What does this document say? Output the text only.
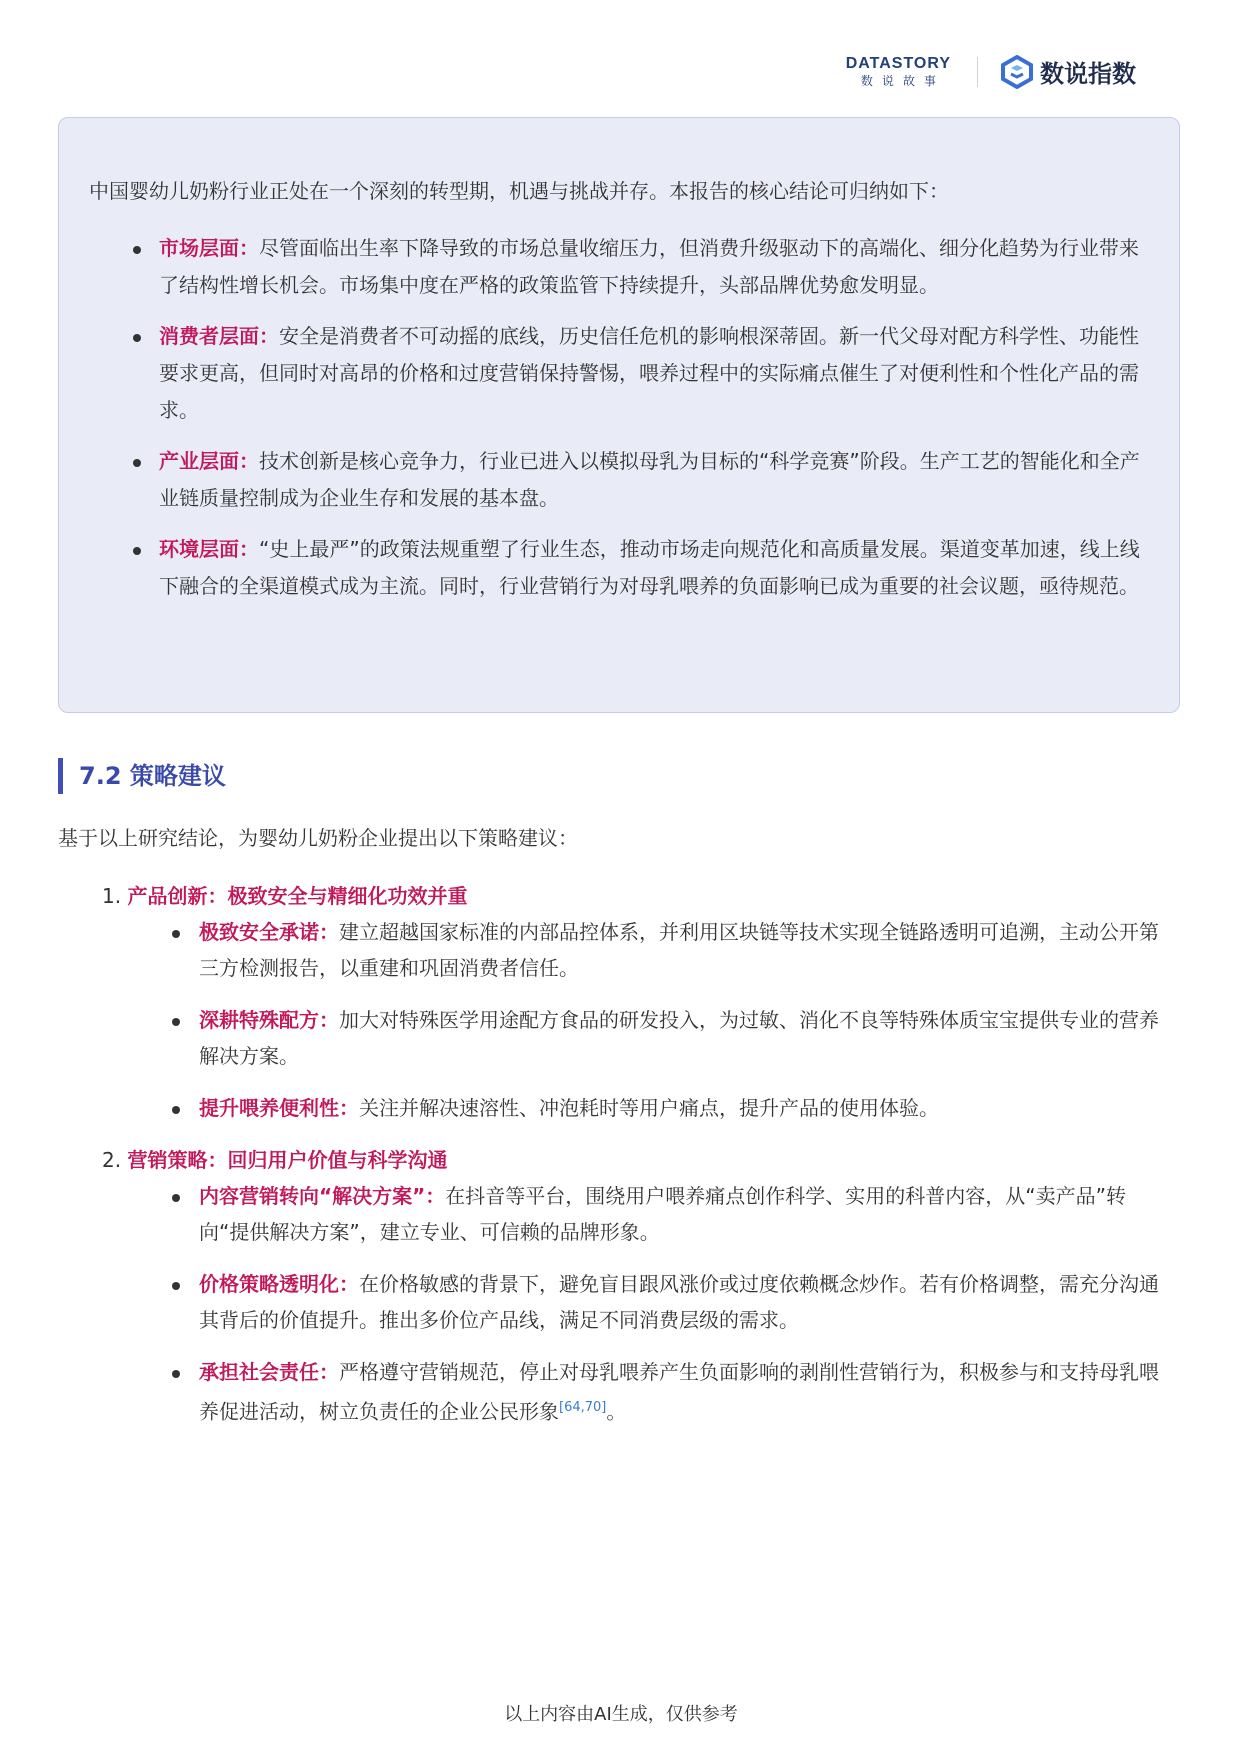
DATASTORY
数说故事	数说指数

中国婴幼儿奶粉行业正处在一个深刻的转型期，机遇与挑战并存。本报告的核心结论可归纳如下：

市场层面：尽管面临出生率下降导致的市场总量收缩压力，但消费升级驱动下的高端化、细分化趋势为行业带来了结构性增长机会。市场集中度在严格的政策监管下持续提升，头部品牌优势愈发明显。
消费者层面：安全是消费者不可动摇的底线，历史信任危机的影响根深蒂固。新一代父母对配方科学性、功能性要求更高，但同时对高昂的价格和过度营销保持警惕，喂养过程中的实际痛点催生了对便利性和个性化产品的需求。
产业层面：技术创新是核心竞争力，行业已进入以模拟母乳为目标的“科学竞赛”阶段。生产工艺的智能化和全产业链质量控制成为企业生存和发展的基本盘。
环境层面：“史上最严”的政策法规重塑了行业生态，推动市场走向规范化和高质量发展。渠道变革加速，线上线下融合的全渠道模式成为主流。同时，行业营销行为对母乳喂养的负面影响已成为重要的社会议题，亟待规范。
7.2 策略建议

基于以上研究结论，为婴幼儿奶粉企业提出以下策略建议：

1. 产品创新：极致安全与精细化功效并重
极致安全承诺：建立超越国家标准的内部品控体系，并利用区块链等技术实现全链路透明可追溯，主动公开第三方检测报告，以重建和巩固消费者信任。
深耕特殊配方：加大对特殊医学用途配方食品的研发投入，为过敏、消化不良等特殊体质宝宝提供专业的营养解决方案。
提升喂养便利性：关注并解决速溶性、冲泡耗时等用户痛点，提升产品的使用体验。
2. 营销策略：回归用户价值与科学沟通
内容营销转向“解决方案”：在抖音等平台，围绕用户喂养痛点创作科学、实用的科普内容，从“卖产品”转向“提供解决方案”，建立专业、可信赖的品牌形象。
价格策略透明化：在价格敏感的背景下，避免盲目跟风涨价或过度依赖概念炒作。若有价格调整，需充分沟通其背后的价值提升。推出多价位产品线，满足不同消费层级的需求。
承担社会责任：严格遵守营销规范，停止对母乳喂养产生负面影响的剥削性营销行为，积极参与和支持母乳喂养促进活动，树立负责任的企业公民形象[64,70]。
以上内容由AI生成，仅供参考
